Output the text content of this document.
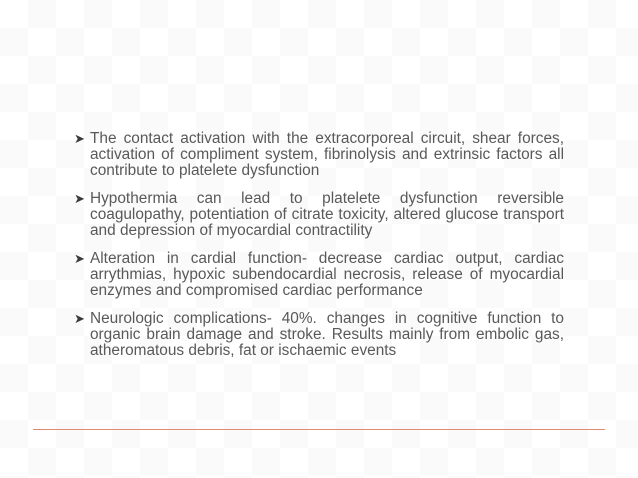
➤ The contact activation with the extracorporeal circuit, shear forces, activation of compliment system, fibrinolysis and extrinsic factors all contribute to platelete dysfunction
➤ Hypothermia can lead to platelete dysfunction reversible coagulopathy, potentiation of citrate toxicity, altered glucose transport and depression of myocardial contractility
➤ Alteration in cardial function- decrease cardiac output, cardiac arrythmias, hypoxic subendocardial necrosis, release of myocardial enzymes and compromised cardiac performance
➤ Neurologic complications- 40%. changes in cognitive function to organic brain damage and stroke. Results mainly from embolic gas, atheromatous debris, fat or ischaemic events
